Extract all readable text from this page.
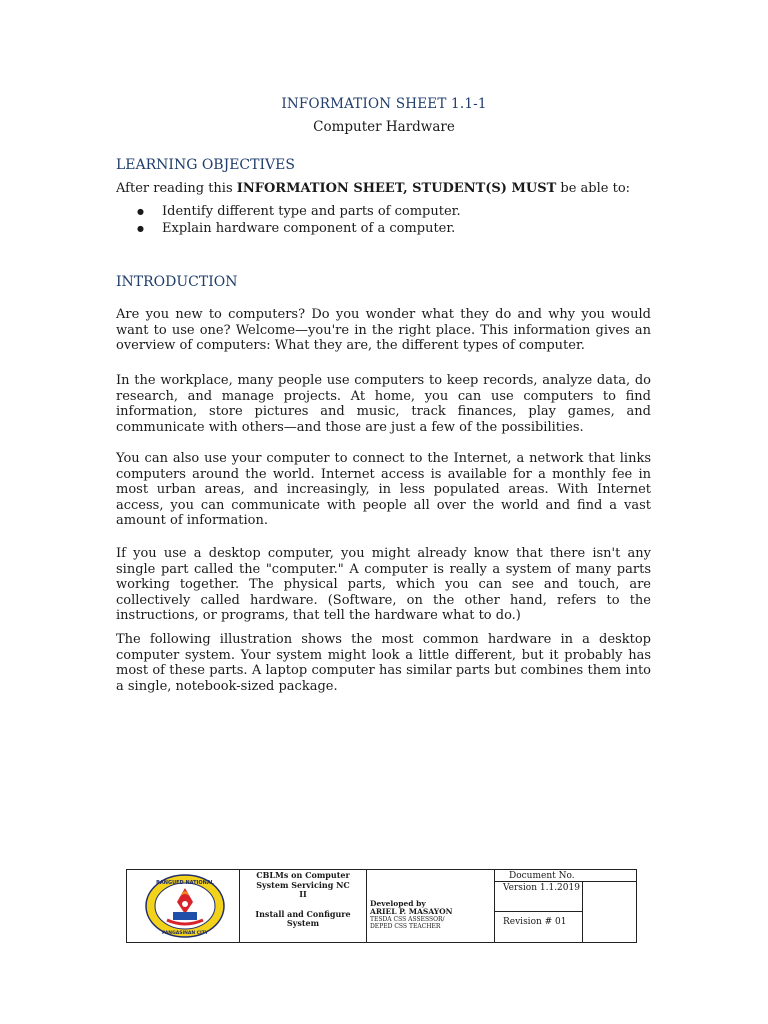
INFORMATION SHEET 1.1-1
Computer Hardware
LEARNING OBJECTIVES
After reading this INFORMATION SHEET, STUDENT(S) MUST be able to:
● Identify different type and parts of computer.
● Explain hardware component of a computer.
INTRODUCTION

Are you new to computers? Do you wonder what they do and why you would want to use one? Welcome—you're in the right place. This information gives an overview of computers: What they are, the different types of computer.

In the workplace, many people use computers to keep records, analyze data, do research, and manage projects. At home, you can use computers to find information, store pictures and music, track finances, play games, and communicate with others—and those are just a few of the possibilities.

You can also use your computer to connect to the Internet, a network that links computers around the world. Internet access is available for a monthly fee in most urban areas, and increasingly, in less populated areas. With Internet access, you can communicate with people all over the world and find a vast amount of information.

If you use a desktop computer, you might already know that there isn't any single part called the "computer." A computer is really a system of many parts working together. The physical parts, which you can see and touch, are collectively called hardware. (Software, on the other hand, refers to the instructions, or programs, that tell the hardware what to do.)

The following illustration shows the most common hardware in a desktop computer system. Your system might look a little different, but it probably has most of these parts. A laptop computer has similar parts but combines them into a single, notebook-sized package.

BANGUED NATIONAL
PANGASINAN CITY
CBLMs on Computer
System Servicing NC
II
Install and Configure
System
Developed by
ARIEL P. MASAYON
TESDA CSS ASSESSOR/
DEPED CSS TEACHER
Document No.
Version 1.1.2019
Revision # 01
